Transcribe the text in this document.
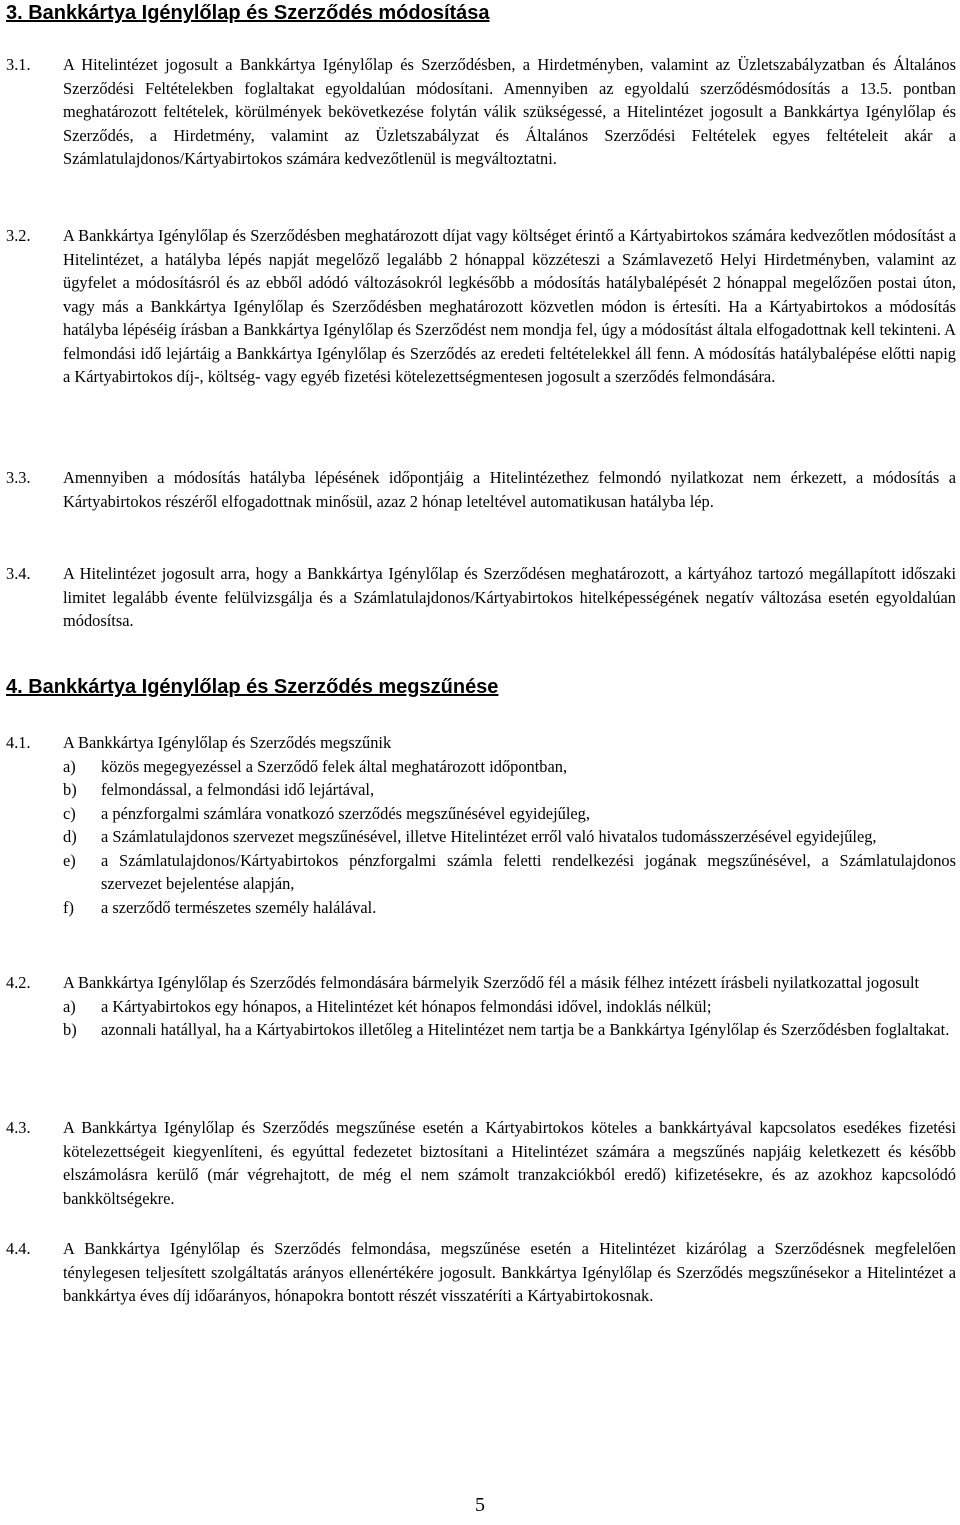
3. Bankkártya Igénylőlap és Szerződés módosítása
3.1. A Hitelintézet jogosult a Bankkártya Igénylőlap és Szerződésben, a Hirdetményben, valamint az Üzletszabályzatban és Általános Szerződési Feltételekben foglaltakat egyoldalúan módosítani. Amennyiben az egyoldalú szerződésmódosítás a 13.5. pontban meghatározott feltételek, körülmények bekövetkezése folytán válik szükségessé, a Hitelintézet jogosult a Bankkártya Igénylőlap és Szerződés, a Hirdetmény, valamint az Üzletszabályzat és Általános Szerződési Feltételek egyes feltételeit akár a Számlatulajdonos/Kártyabirtokos számára kedvezőtlenül is megváltoztatni.
3.2. A Bankkártya Igénylőlap és Szerződésben meghatározott díjat vagy költséget érintő a Kártyabirtokos számára kedvezőtlen módosítást a Hitelintézet, a hatályba lépés napját megelőző legalább 2 hónappal közzéteszi a Számlavezető Helyi Hirdetményben, valamint az ügyfelet a módosításról és az ebből adódó változásokról legkésőbb a módosítás hatálybalépését 2 hónappal megelőzően postai úton, vagy más a Bankkártya Igénylőlap és Szerződésben meghatározott közvetlen módon is értesíti. Ha a Kártyabirtokos a módosítás hatályba lépéséig írásban a Bankkártya Igénylőlap és Szerződést nem mondja fel, úgy a módosítást általa elfogadottnak kell tekinteni. A felmondási idő lejártáig a Bankkártya Igénylőlap és Szerződés az eredeti feltételekkel áll fenn. A módosítás hatálybalépése előtti napig a Kártyabirtokos díj-, költség- vagy egyéb fizetési kötelezettségmentesen jogosult a szerződés felmondására.
3.3. Amennyiben a módosítás hatályba lépésének időpontjáig a Hitelintézethez felmondó nyilatkozat nem érkezett, a módosítás a Kártyabirtokos részéről elfogadottnak minősül, azaz 2 hónap leteltével automatikusan hatályba lép.
3.4. A Hitelintézet jogosult arra, hogy a Bankkártya Igénylőlap és Szerződésen meghatározott, a kártyához tartozó megállapított időszaki limitet legalább évente felülvizsgálja és a Számlatulajdonos/Kártyabirtokos hitelképességének negatív változása esetén egyoldalúan módosítsa.
4. Bankkártya Igénylőlap és Szerződés megszűnése
4.1. A Bankkártya Igénylőlap és Szerződés megszűnik
a) közös megegyezéssel a Szerződő felek által meghatározott időpontban,
b) felmondással, a felmondási idő lejártával,
c) a pénzforgalmi számlára vonatkozó szerződés megszűnésével egyidejűleg,
d) a Számlatulajdonos szervezet megszűnésével, illetve Hitelintézet erről való hivatalos tudomásszerzésével egyidejűleg,
e) a Számlatulajdonos/Kártyabirtokos pénzforgalmi számla feletti rendelkezési jogának megszűnésével, a Számlatulajdonos szervezet bejelentése alapján,
f) a szerződő természetes személy halálával.
4.2. A Bankkártya Igénylőlap és Szerződés felmondására bármelyik Szerződő fél a másik félhez intézett írásbeli nyilatkozattal jogosult
a) a Kártyabirtokos egy hónapos, a Hitelintézet két hónapos felmondási idővel, indoklás nélkül;
b) azonnali hatállyal, ha a Kártyabirtokos illetőleg a Hitelintézet nem tartja be a Bankkártya Igénylőlap és Szerződésben foglaltakat.
4.3. A Bankkártya Igénylőlap és Szerződés megszűnése esetén a Kártyabirtokos köteles a bankkártyával kapcsolatos esedékes fizetési kötelezettségeit kiegyenlíteni, és egyúttal fedezetet biztosítani a Hitelintézet számára a megszűnés napjáig keletkezett és később elszámolásra kerülő (már végrehajtott, de még el nem számolt tranzakciókból eredő) kifizetésekre, és az azokhoz kapcsolódó bankköltségekre.
4.4. A Bankkártya Igénylőlap és Szerződés felmondása, megszűnése esetén a Hitelintézet kizárólag a Szerződésnek megfelelően ténylegesen teljesített szolgáltatás arányos ellenértékére jogosult. Bankkártya Igénylőlap és Szerződés megszűnésekor a Hitelintézet a bankkártya éves díj időarányos, hónapokra bontott részét visszatéríti a Kártyabirtokosnak.
5
